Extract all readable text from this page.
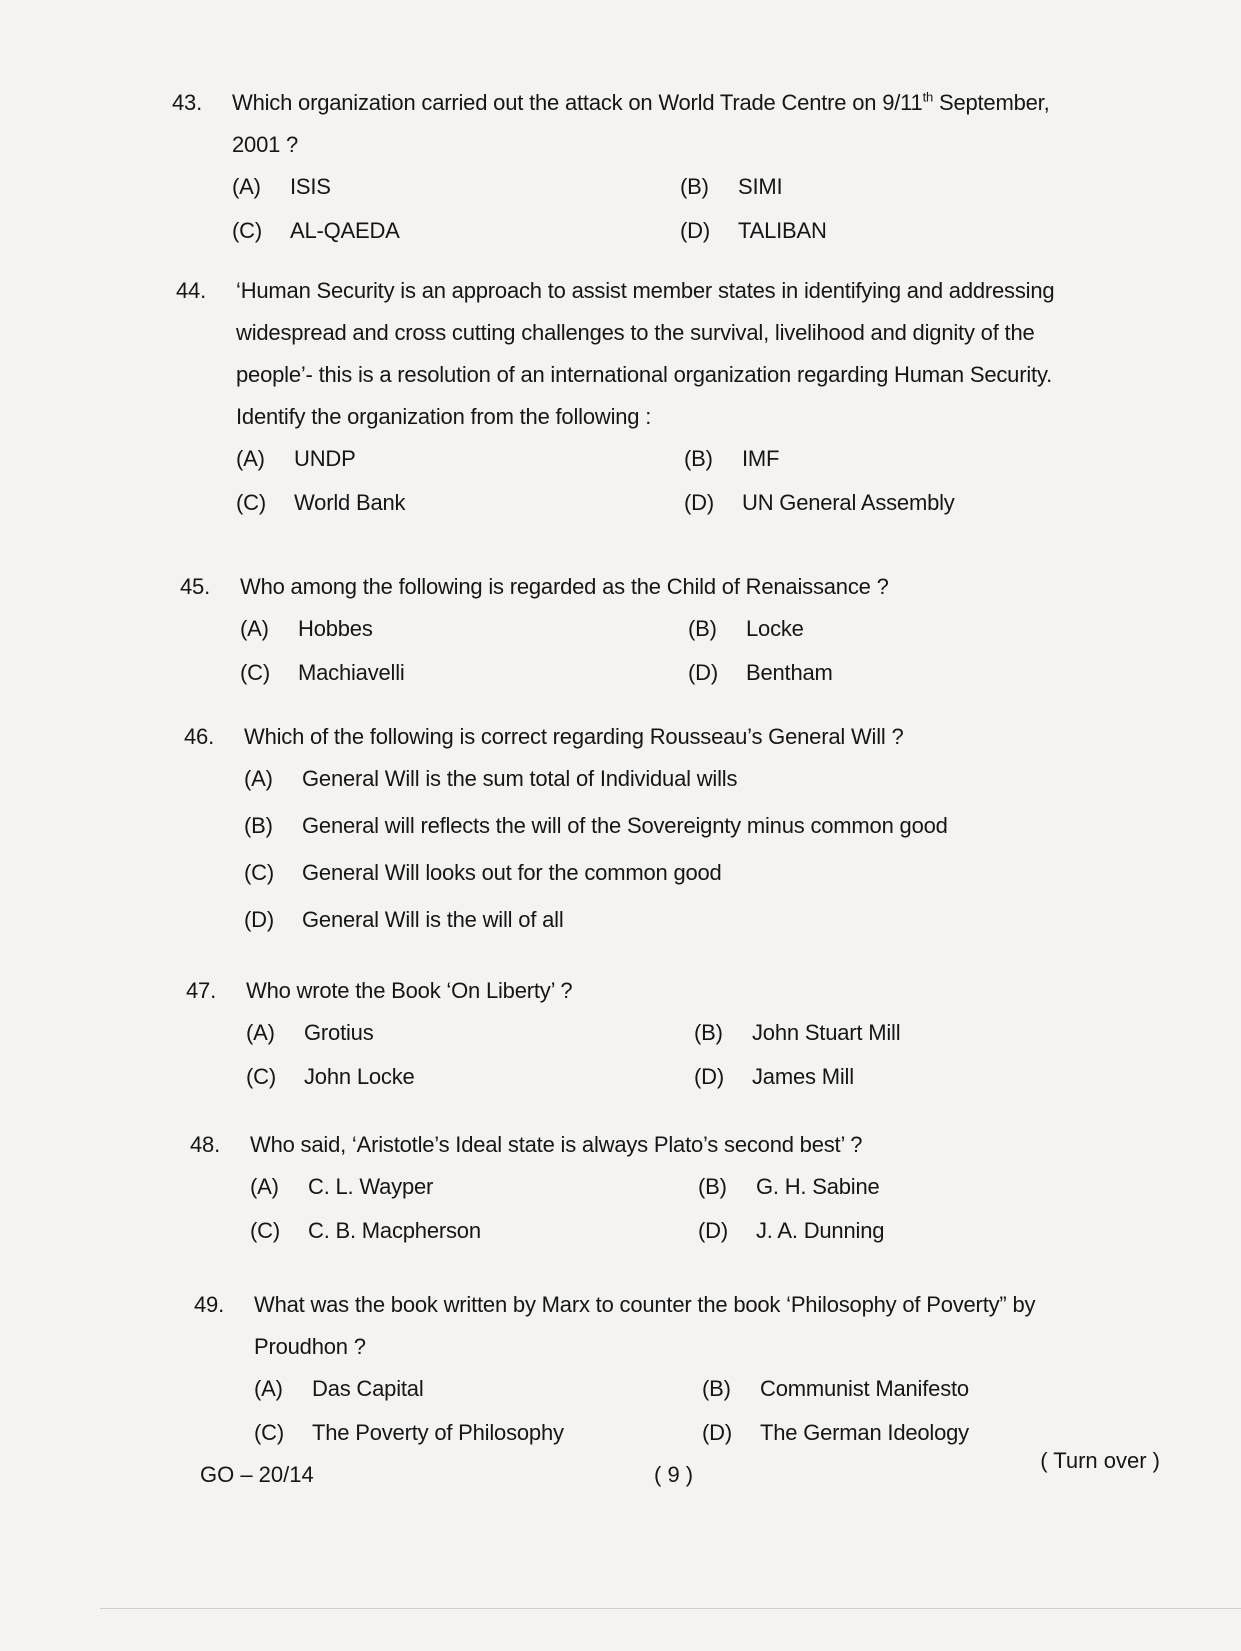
43.	Which organization carried out the attack on World Trade Centre on 9/11th September,
2001 ?
(A) ISIS	(B) SIMI
(C) AL-QAEDA	(D) TALIBAN
44.	‘Human Security is an approach to assist member states in identifying and addressing
widespread and cross cutting challenges to the survival, livelihood and dignity of the
people’- this is a resolution of an international organization regarding Human Security.
Identify the organization from the following :
(A) UNDP	(B) IMF
(C) World Bank	(D) UN General Assembly
45.	Who among the following is regarded as the Child of Renaissance ?
(A) Hobbes	(B) Locke
(C) Machiavelli	(D) Bentham
46.	Which of the following is correct regarding Rousseau’s General Will ?
(A) General Will is the sum total of Individual wills
(B) General will reflects the will of the Sovereignty minus common good
(C) General Will looks out for the common good
(D) General Will is the will of all
47.	Who wrote the Book ‘On Liberty’ ?
(A) Grotius	(B) John Stuart Mill
(C) John Locke	(D) James Mill
48.	Who said, ‘Aristotle’s Ideal state is always Plato’s second best’ ?
(A) C. L. Wayper	(B) G. H. Sabine
(C) C. B. Macpherson	(D) J. A. Dunning
49.	What was the book written by Marx to counter the book ‘Philosophy of Poverty” by
Proudhon ?
(A) Das Capital	(B) Communist Manifesto
(C) The Poverty of Philosophy	(D) The German Ideology
GO – 20/14	( 9 )
( Turn over )
